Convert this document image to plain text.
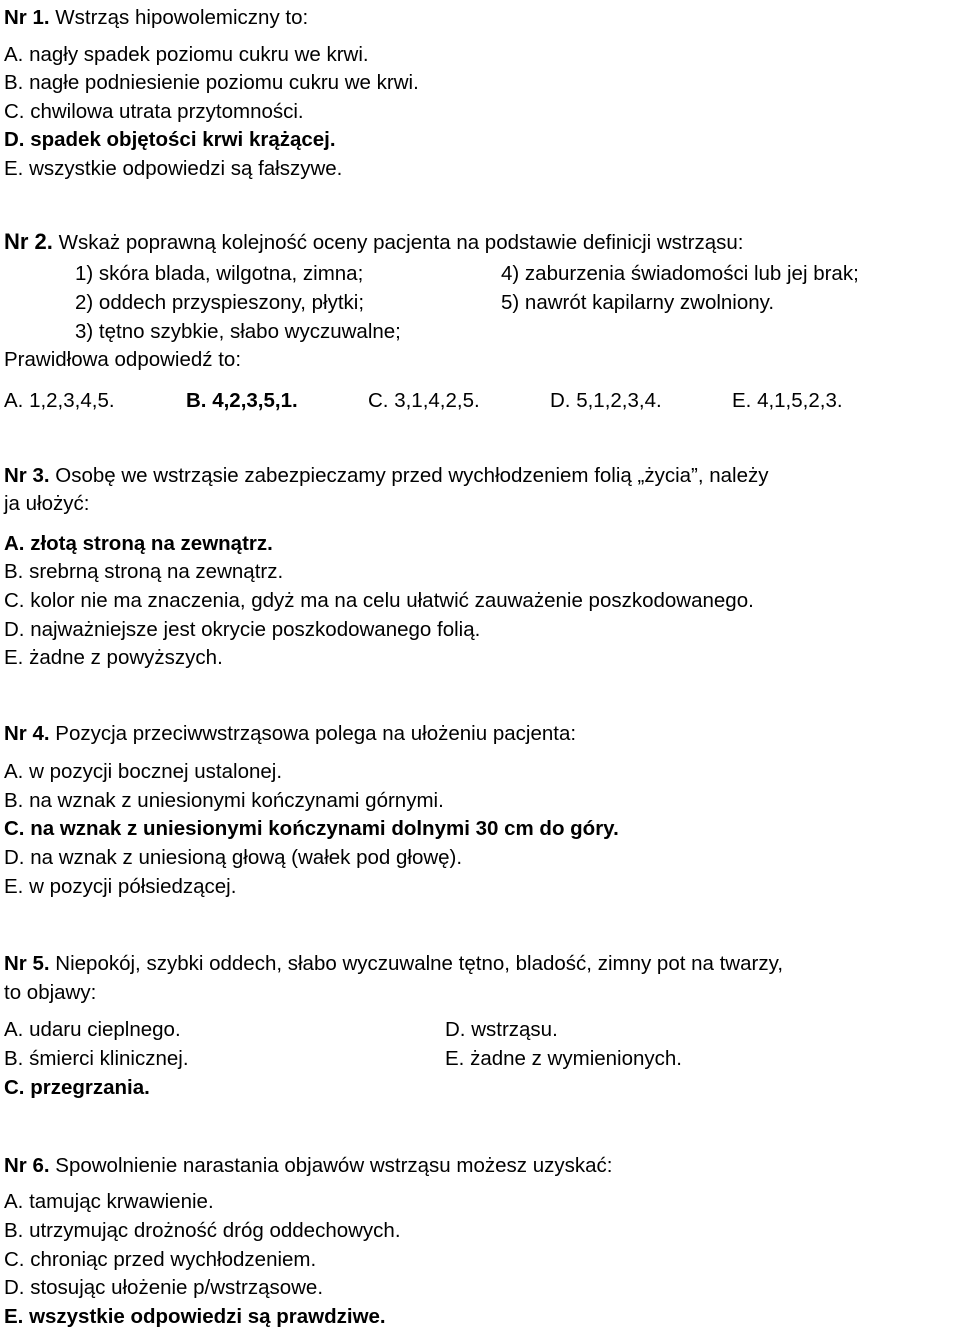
Nr 1. Wstrząs hipowolemiczny to:
A. nagły spadek poziomu cukru we krwi.
B. nagłe podniesienie poziomu cukru we krwi.
C. chwilowa utrata przytomności.
D. spadek objętości krwi krążącej.
E. wszystkie odpowiedzi są fałszywe.
Nr 2. Wskaż poprawną kolejność oceny pacjenta na podstawie definicji wstrząsu:
1) skóra blada, wilgotna, zimna;	4) zaburzenia świadomości lub jej brak;
2) oddech przyspieszony, płytki;	5) nawrót kapilarny zwolniony.
3) tętno szybkie, słabo wyczuwalne;
Prawidłowa odpowiedź to:
A. 1,2,3,4,5.	B. 4,2,3,5,1.	C. 3,1,4,2,5.	D. 5,1,2,3,4.	E. 4,1,5,2,3.
Nr 3. Osobę we wstrząsie zabezpieczamy przed wychłodzeniem folią „życia”, należy
ja ułożyć:
A. złotą stroną na zewnątrz.
B. srebrną stroną na zewnątrz.
C. kolor nie ma znaczenia, gdyż ma na celu ułatwić zauważenie poszkodowanego.
D. najważniejsze jest okrycie poszkodowanego folią.
E. żadne z powyższych.
Nr 4. Pozycja przeciwwstrząsowa polega na ułożeniu pacjenta:
A. w pozycji bocznej ustalonej.
B. na wznak z uniesionymi kończynami górnymi.
C. na wznak z uniesionymi kończynami dolnymi 30 cm do góry.
D. na wznak z uniesioną głową (wałek pod głowę).
E. w pozycji półsiedzącej.
Nr 5. Niepokój, szybki oddech, słabo wyczuwalne tętno, bladość, zimny pot na twarzy,
to objawy:
A. udaru cieplnego.	D. wstrząsu.
B. śmierci klinicznej.	E. żadne z wymienionych.
C. przegrzania.
Nr 6. Spowolnienie narastania objawów wstrząsu możesz uzyskać:
A. tamując krwawienie.
B. utrzymując drożność dróg oddechowych.
C. chroniąc przed wychłodzeniem.
D. stosując ułożenie p/wstrząsowe.
E. wszystkie odpowiedzi są prawdziwe.
